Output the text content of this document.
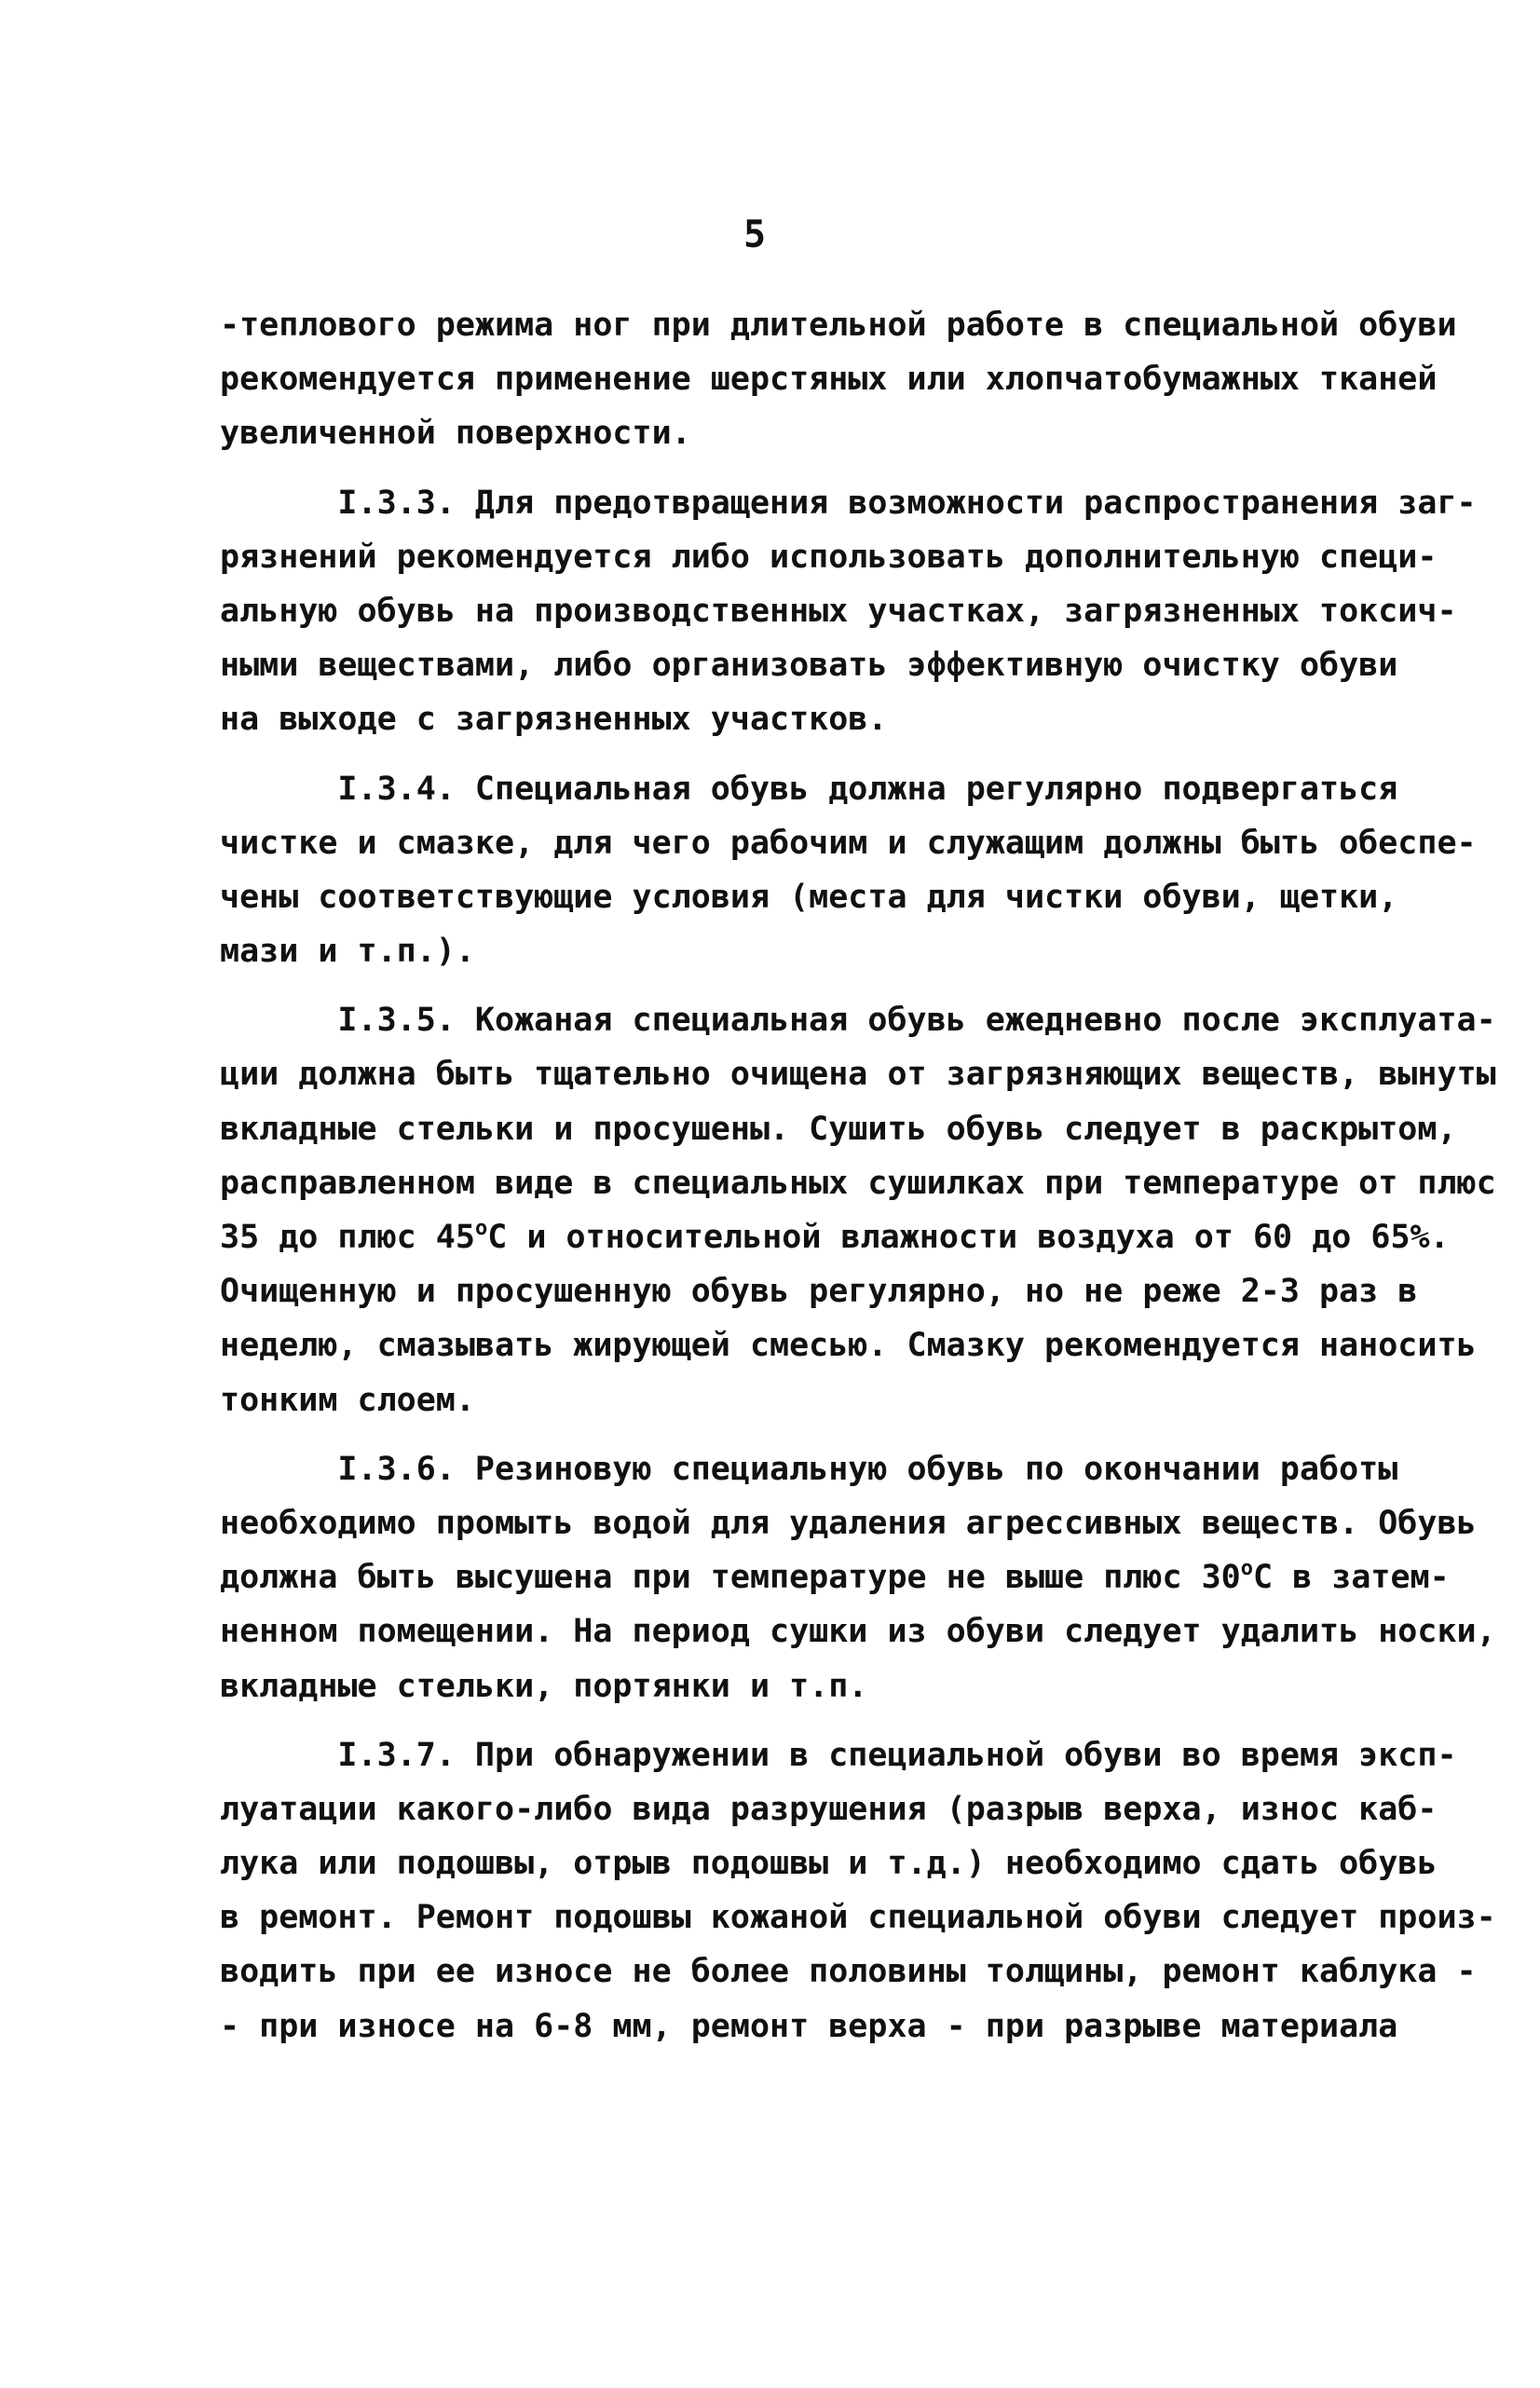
5
-теплового режима ног при длительной работе в специальной обуви
рекомендуется применение шерстяных или хлопчатобумажных тканей
увеличенной поверхности.
I.3.3. Для предотвращения возможности распространения заг-
рязнений рекомендуется либо использовать дополнительную специ-
альную обувь на производственных участках, загрязненных токсич-
ными веществами, либо организовать эффективную очистку обуви
на выходе с загрязненных участков.
I.3.4. Специальная обувь должна регулярно подвергаться
чистке и смазке, для чего рабочим и служащим должны быть обеспе-
чены соответствующие условия (места для чистки обуви, щетки,
мази и т.п.).
I.3.5. Кожаная специальная обувь ежедневно после эксплуата-
ции должна быть тщательно очищена от загрязняющих веществ, вынуты
вкладные стельки и просушены. Сушить обувь следует в раскрытом,
расправленном виде в специальных сушилках при температуре от плюс
35 до плюс $45^оС$ и относительной влажности воздуха от 60 до 65%.
Очищенную и просушенную обувь регулярно, но не реже 2-3 раз в
неделю, смазывать жирующей смесью. Смазку рекомендуется наносить
тонким слоем.
I.3.6. Резиновую специальную обувь по окончании работы
необходимо промыть водой для удаления агрессивных веществ. Обувь
должна быть высушена при температуре не выше плюс $30^оС$ в затем-
ненном помещении. На период сушки из обуви следует удалить носки,
вкладные стельки, портянки и т.п.
I.3.7. При обнаружении в специальной обуви во время эксп-
луатации какого-либо вида разрушения (разрыв верха, износ каб-
лука или подошвы, отрыв подошвы и т.д.) необходимо сдать обувь
в ремонт. Ремонт подошвы кожаной специальной обуви следует произ-
водить при ее износе не более половины толщины, ремонт каблука -
- при износе на 6-8 мм, ремонт верха - при разрыве материала
